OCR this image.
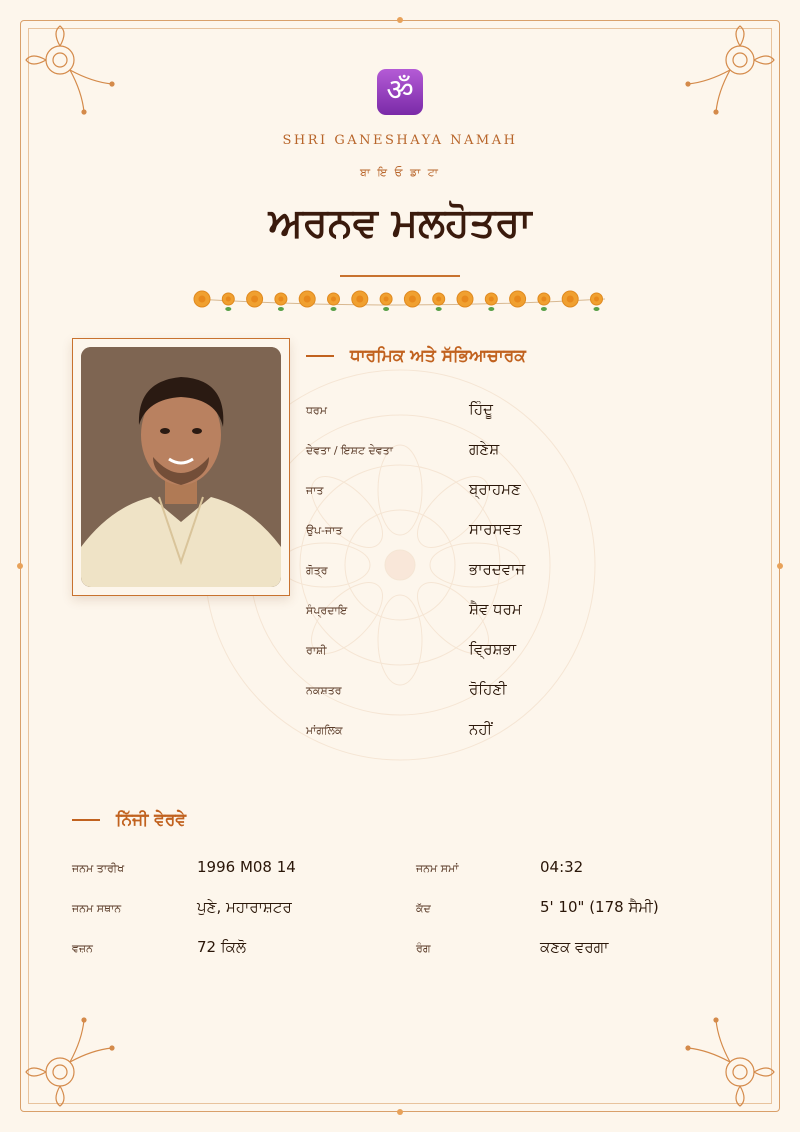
ॐ
SHRI GANESHAYA NAMAH
ਬਾ ਇ ਓ ਡਾ ਟਾ
ਅਰਨਵ ਮਲਹੋਤਰਾ
ਧਾਰਮਿਕ ਅਤੇ ਸੱਭਿਆਚਾਰਕ
ਧਰਮ	ਹਿੰਦੂ
ਦੇਵਤਾ / ਇਸ਼ਟ ਦੇਵਤਾ	ਗਣੇਸ਼
ਜਾਤ	ਬ੍ਰਾਹਮਣ
ਉਪ-ਜਾਤ	ਸਾਰਸਵਤ
ਗੋਤ੍ਰ	ਭਾਰਦਵਾਜ
ਸੰਪ੍ਰਦਾਇ	ਸ਼ੈਵ ਧਰਮ
ਰਾਸ਼ੀ	ਵ੍ਰਿਸ਼ਭਾ
ਨਕਸ਼ਤਰ	ਰੋਹਿਣੀ
ਮਾਂਗਲਿਕ	ਨਹੀਂ
ਨਿੱਜੀ ਵੇਰਵੇ
ਜਨਮ ਤਾਰੀਖ	1996 M08 14	ਜਨਮ ਸਮਾਂ	04:32
ਜਨਮ ਸਥਾਨ	ਪੁਣੇ, ਮਹਾਰਾਸ਼ਟਰ	ਕੱਦ	5' 10" (178 ਸੈਮੀ)
ਵਜ਼ਨ	72 ਕਿਲੋ	ਰੰਗ	ਕਣਕ ਵਰਗਾ
